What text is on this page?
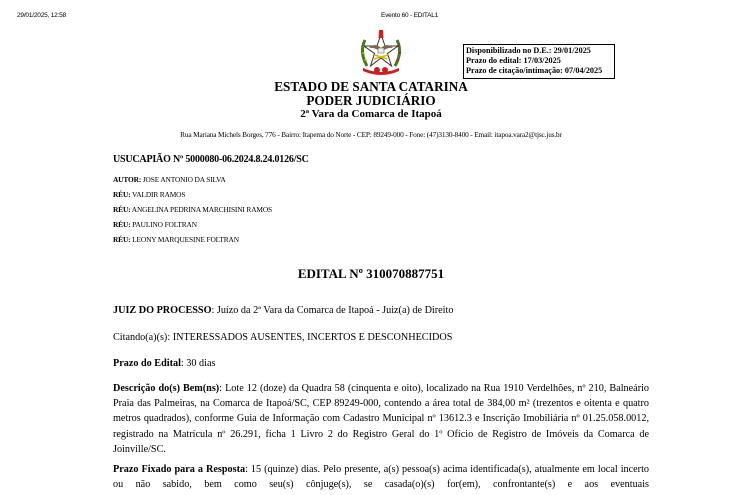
29/01/2025, 12:58	Evento 60 - EDITAL1
Disponibilizado no D.E.: 29/01/2025
Prazo do edital: 17/03/2025
Prazo de citação/intimação: 07/04/2025
ESTADO DE SANTA CATARINA
PODER JUDICIÁRIO
2ª Vara da Comarca de Itapoá
Rua Mariana Michels Borges, 776 - Bairro: Itapema do Norte - CEP: 89249-000 - Fone: (47)3130-8400 - Email: itapoa.vara2@tjsc.jus.br
USUCAPIÃO Nº 5000080-06.2024.8.24.0126/SC
AUTOR: JOSE ANTONIO DA SILVA
RÉU: VALDIR RAMOS
RÉU: ANGELINA PEDRINA MARCHISINI RAMOS
RÉU: PAULINO FOLTRAN
RÉU: LEONY MARQUESINE FOLTRAN
EDITAL Nº 310070887751
JUIZ DO PROCESSO: Juízo da 2ª Vara da Comarca de Itapoá - Juiz(a) de Direito
Citando(a)(s): INTERESSADOS AUSENTES, INCERTOS E DESCONHECIDOS
Prazo do Edital: 30 dias
Descrição do(s) Bem(ns): Lote 12 (doze) da Quadra 58 (cinquenta e oito), localizado na Rua 1910 Verdelhões, nº 210, Balneário Praia das Palmeiras, na Comarca de Itapoá/SC, CEP 89249-000, contendo a área total de 384,00 m² (trezentos e oitenta e quatro metros quadrados), conforme Guia de Informação com Cadastro Municipal nº 13612.3 e Inscrição Imobiliária nº 01.25.058.0012, registrado na Matrícula nº 26.291, ficha 1 Livro 2 do Registro Geral do 1º Ofício de Registro de Imóveis da Comarca de Joinville/SC.
Prazo Fixado para a Resposta: 15 (quinze) dias. Pelo presente, a(s) pessoa(s) acima identificada(s), atualmente em local incerto ou não sabido, bem como seu(s) cônjuge(s), se casada(o)(s) for(em), confrontante(s) e aos eventuais
